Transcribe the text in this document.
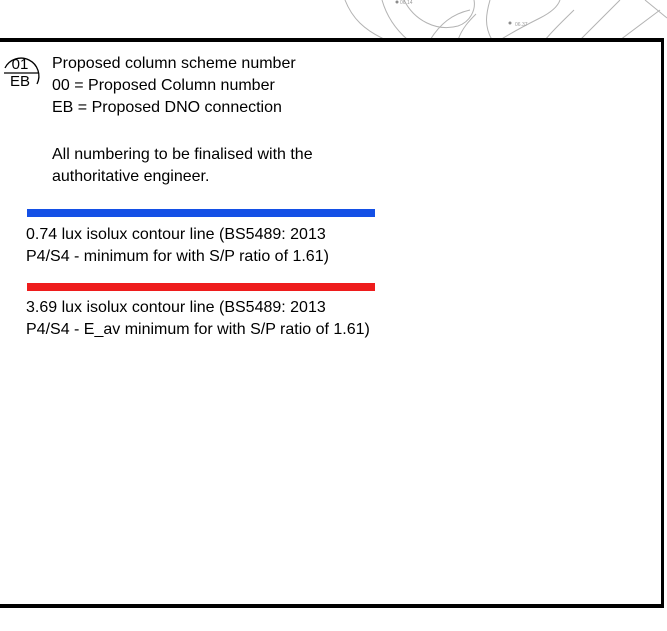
06.14
06.37
01
EB
Proposed column scheme number
00 = Proposed Column number
EB = Proposed DNO connection
All numbering to be finalised with the
authoritative engineer.
0.74 lux isolux contour line (BS5489: 2013
P4/S4 - minimum for with S/P ratio of 1.61)
3.69 lux isolux contour line (BS5489: 2013
P4/S4 - E_av minimum for with S/P ratio of 1.61)
